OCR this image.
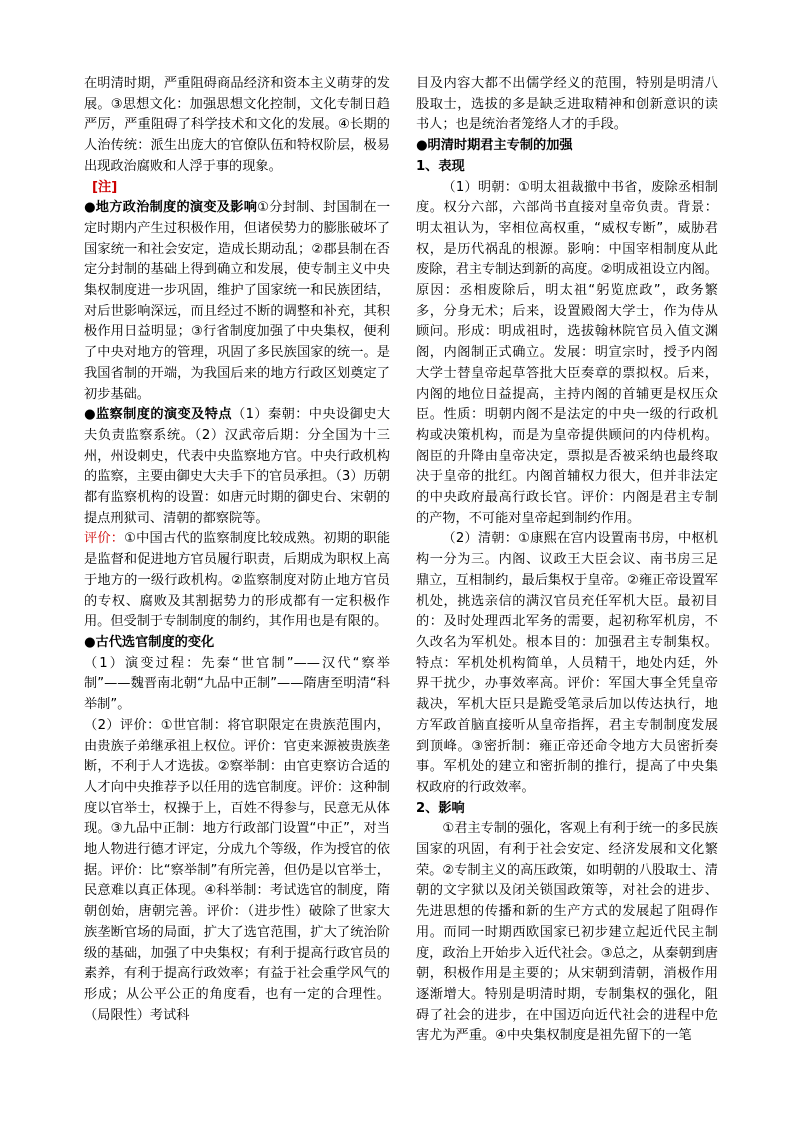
在明清时期，严重阻碍商品经济和资本主义萌芽的发展。③思想文化：加强思想文化控制，文化专制日趋严厉，严重阻碍了科学技术和文化的发展。④长期的人治传统：派生出庞大的官僚队伍和特权阶层，极易出现政治腐败和人浮于事的现象。

[注]

● 地方政治制度的演变及影响①分封制、封国制在一定时期内产生过积极作用，但诸侯势力的膨胀破坏了国家统一和社会安定，造成长期动乱；②郡县制在否定分封制的基础上得到确立和发展，使专制主义中央集权制度进一步巩固，维护了国家统一和民族团结，对后世影响深远，而且经过不断的调整和补充，其积极作用日益明显；③行省制度加强了中央集权，便利了中央对地方的管理，巩固了多民族国家的统一。是我国省制的开端，为我国后来的地方行政区划奠定了初步基础。

● 监察制度的演变及特点（1）秦朝：中央设御史大夫负责监察系统。（2）汉武帝后期：分全国为十三州，州设刺史，代表中央监察地方官。中央行政机构的监察，主要由御史大夫手下的官员承担。（3）历朝都有监察机构的设置：如唐元时期的御史台、宋朝的提点刑狱司、清朝的都察院等。

评价：①中国古代的监察制度比较成熟。初期的职能是监督和促进地方官员履行职责，后期成为职权上高于地方的一级行政机构。②监察制度对防止地方官员的专权、腐败及其割据势力的形成都有一定积极作用。但受制于专制制度的制约，其作用也是有限的。

● 古代选官制度的变化

（1）演变过程：先秦“世官制”——汉代“察举制”——魏晋南北朝“九品中正制”——隋唐至明清“科举制”。

（2）评价：①世官制：将官职限定在贵族范围内，由贵族子弟继承祖上权位。评价：官吏来源被贵族垄断，不利于人才选拔。②察举制：由官吏察访合适的人才向中央推荐予以任用的选官制度。评价：这种制度以官举士，权操于上，百姓不得参与，民意无从体现。③九品中正制：地方行政部门设置“中正”，对当地人物进行德才评定，分成九个等级，作为授官的依据。评价：比“察举制”有所完善，但仍是以官举士，民意难以真正体现。④科举制：考试选官的制度，隋朝创始，唐朝完善。评价：（进步性）破除了世家大族垄断官场的局面，扩大了选官范围，扩大了统治阶级的基础，加强了中央集权；有利于提高行政官员的素养，有利于提高行政效率；有益于社会重学风气的形成；从公平公正的角度看，也有一定的合理性。（局限性）考试科

目及内容大都不出儒学经义的范围，特别是明清八股取士，选拔的多是缺乏进取精神和创新意识的读书人；也是统治者笼络人才的手段。

● 明清时期君主专制的加强

1、表现

（1）明朝：①明太祖裁撤中书省，废除丞相制度。权分六部，六部尚书直接对皇帝负责。背景：明太祖认为，宰相位高权重，“威权专断”，威胁君权，是历代祸乱的根源。影响：中国宰相制度从此废除，君主专制达到新的高度。②明成祖设立内阁。原因：丞相废除后，明太祖“躬览庶政”，政务繁多，分身无术；后来，设置殿阁大学士，作为侍从顾问。形成：明成祖时，选拔翰林院官员入值文渊阁，内阁制正式确立。发展：明宣宗时，授予内阁大学士替皇帝起草答批大臣奏章的票拟权。后来，内阁的地位日益提高，主持内阁的首辅更是权压众臣。性质：明朝内阁不是法定的中央一级的行政机构或决策机构，而是为皇帝提供顾问的内侍机构。阁臣的升降由皇帝决定，票拟是否被采纳也最终取决于皇帝的批红。内阁首辅权力很大，但并非法定的中央政府最高行政长官。评价：内阁是君主专制的产物，不可能对皇帝起到制约作用。

（2）清朝：①康熙在宫内设置南书房，中枢机构一分为三。内阁、议政王大臣会议、南书房三足鼎立，互相制约，最后集权于皇帝。②雍正帝设置军机处，挑选亲信的满汉官员充任军机大臣。最初目的：及时处理西北军务的需要，起初称军机房，不久改名为军机处。根本目的：加强君主专制集权。特点：军机处机构简单，人员精干，地处内廷，外界干扰少，办事效率高。评价：军国大事全凭皇帝裁决，军机大臣只是跪受笔录后加以传达执行，地方军政首脑直接听从皇帝指挥，君主专制制度发展到顶峰。③密折制：雍正帝还命令地方大员密折奏事。军机处的建立和密折制的推行，提高了中央集权政府的行政效率。

2、影响

①君主专制的强化，客观上有利于统一的多民族国家的巩固，有利于社会安定、经济发展和文化繁荣。②专制主义的高压政策，如明朝的八股取士、清朝的文字狱以及闭关锁国政策等，对社会的进步、先进思想的传播和新的生产方式的发展起了阻碍作用。而同一时期西欧国家已初步建立起近代民主制度，政治上开始步入近代社会。③总之，从秦朝到唐朝，积极作用是主要的；从宋朝到清朝，消极作用逐渐增大。特别是明清时期，专制集权的强化，阻碍了社会的进步，在中国迈向近代社会的进程中危害尤为严重。④中央集权制度是祖先留下的一笔
